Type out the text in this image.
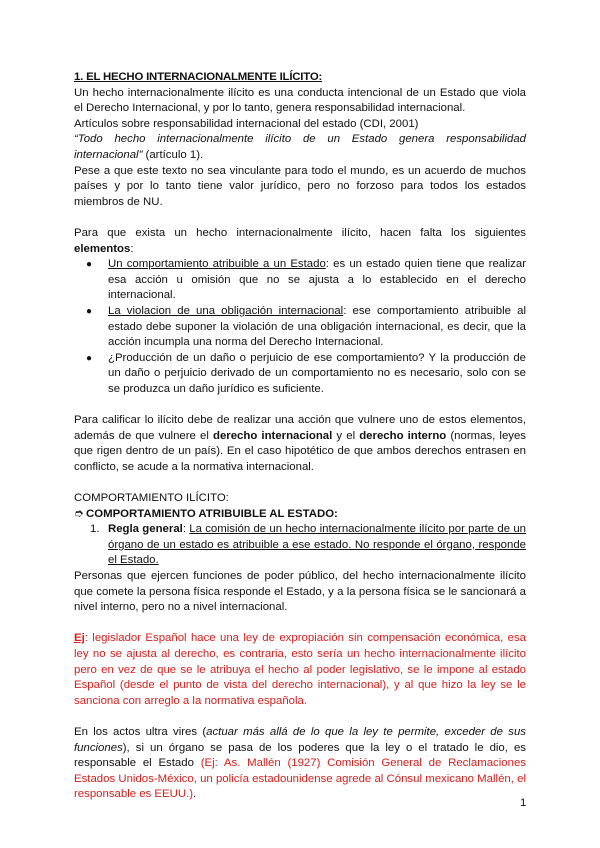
1. EL HECHO INTERNACIONALMENTE ILÍCITO:

Un hecho internacionalmente ilícito es una conducta intencional de un Estado que viola el Derecho Internacional, y por lo tanto, genera responsabilidad internacional.

Artículos sobre responsabilidad internacional del estado (CDI, 2001)

“Todo hecho internacionalmente ilícito de un Estado genera responsabilidad internacional” (artículo 1).

Pese a que este texto no sea vinculante para todo el mundo, es un acuerdo de muchos países y por lo tanto tiene valor jurídico, pero no forzoso para todos los estados miembros de NU.

Para que exista un hecho internacionalmente ilícito, hacen falta los siguientes elementos:

● Un comportamiento atribuible a un Estado: es un estado quien tiene que realizar esa acción u omisión que no se ajusta a lo establecido en el derecho internacional.
● La violacion de una obligación internacional: ese comportamiento atribuible al estado debe suponer la violación de una obligación internacional, es decir, que la acción incumpla una norma del Derecho Internacional.
● ¿Producción de un daño o perjuicio de ese comportamiento? Y la producción de un daño o perjuicio derivado de un comportamiento no es necesario, solo con se se produzca un daño jurídico es suficiente.

Para calificar lo ilícito debe de realizar una acción que vulnere uno de estos elementos, además de que vulnere el derecho internacional y el derecho interno (normas, leyes que rigen dentro de un país). En el caso hipotético de que ambos derechos entrasen en conflicto, se acude a la normativa internacional.

COMPORTAMIENTO ILÍCITO:

➮ COMPORTAMIENTO ATRIBUIBLE AL ESTADO:

1. Regla general: La comisión de un hecho internacionalmente ilícito por parte de un órgano de un estado es atribuible a ese estado. No responde el órgano, responde el Estado.

Personas que ejercen funciones de poder público, del hecho internacionalmente ilícito que comete la persona física responde el Estado, y a la persona física se le sancionará a nivel interno, pero no a nivel internacional.

Ej: legislador Español hace una ley de expropiación sin compensación económica, esa ley no se ajusta al derecho, es contraria, esto sería un hecho internacionalmente ilícito pero en vez de que se le atribuya el hecho al poder legislativo, se le impone al estado Español (desde el punto de vista del derecho internacional), y al que hizo la ley se le sanciona con arreglo a la normativa española.

En los actos ultra vires (actuar más allá de lo que la ley te permite, exceder de sus funciones), si un órgano se pasa de los poderes que la ley o el tratado le dio, es responsable el Estado (Ej: As. Mallén (1927) Comisión General de Reclamaciones Estados Unidos-México, un policía estadounidense agrede al Cónsul mexicano Mallén, el responsable es EEUU.).

1
